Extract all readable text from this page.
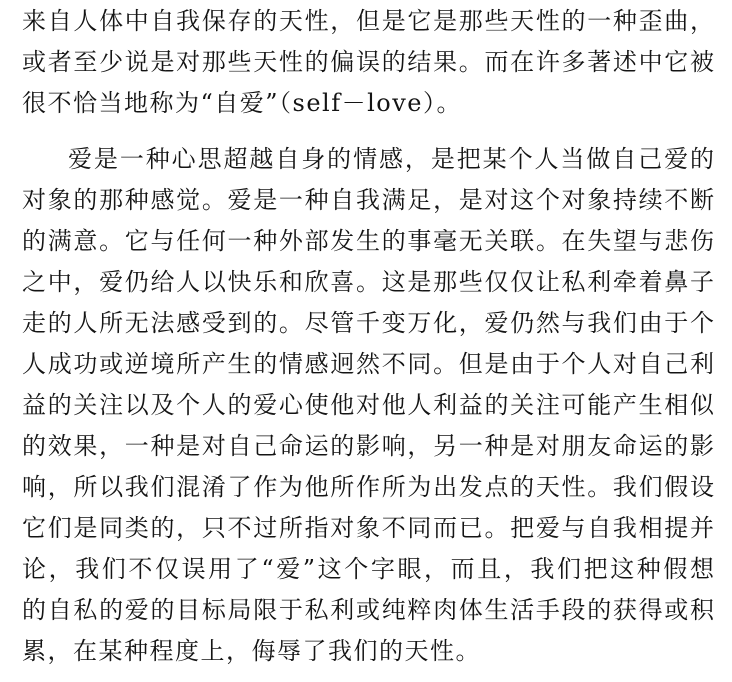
来自人体中自我保存的天性，但是它是那些天性的一种歪曲，
或者至少说是对那些天性的偏误的结果。而在许多著述中它被
很不恰当地称为“自爱”（self－love）。
爱是一种心思超越自身的情感，是把某个人当做自己爱的
对象的那种感觉。爱是一种自我满足，是对这个对象持续不断
的满意。它与任何一种外部发生的事毫无关联。在失望与悲伤
之中，爱仍给人以快乐和欣喜。这是那些仅仅让私利牵着鼻子
走的人所无法感受到的。尽管千变万化，爱仍然与我们由于个
人成功或逆境所产生的情感迥然不同。但是由于个人对自己利
益的关注以及个人的爱心使他对他人利益的关注可能产生相似
的效果，一种是对自己命运的影响，另一种是对朋友命运的影
响，所以我们混淆了作为他所作所为出发点的天性。我们假设
它们是同类的，只不过所指对象不同而已。把爱与自我相提并
论，我们不仅误用了“爱”这个字眼，而且，我们把这种假想
的自私的爱的目标局限于私利或纯粹肉体生活手段的获得或积
累，在某种程度上，侮辱了我们的天性。
